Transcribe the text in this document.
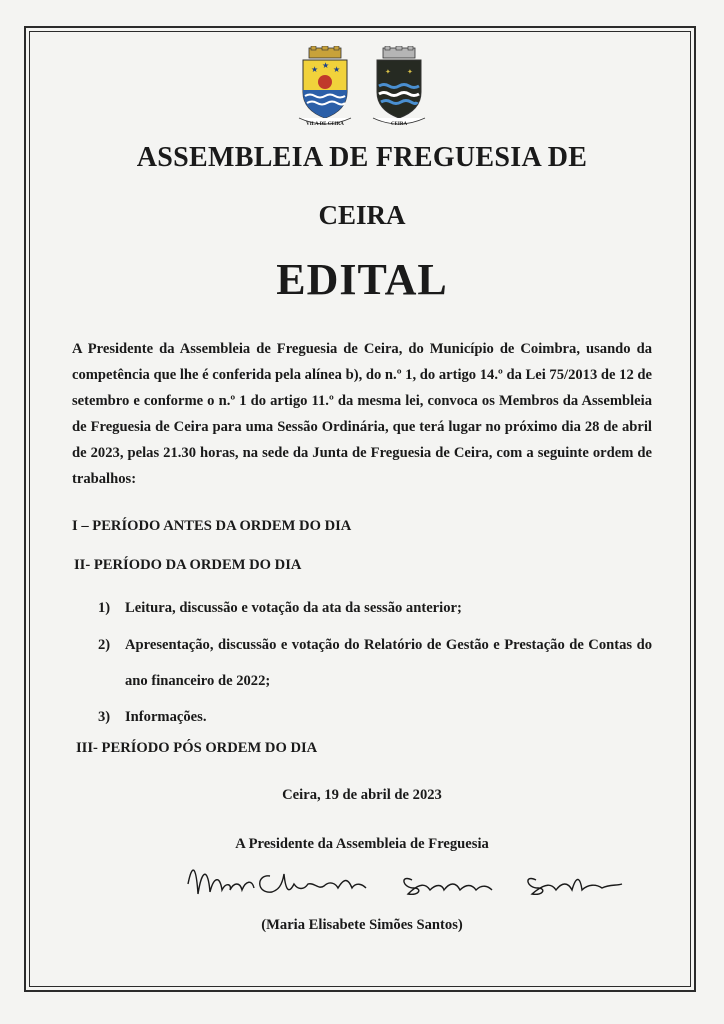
★ ★
★
VILA DE CEIRA
✦ ✦
CEIRA
ASSEMBLEIA DE FREGUESIA DE
CEIRA
EDITAL
A Presidente da Assembleia de Freguesia de Ceira, do Município de Coimbra, usando da competência que lhe é conferida pela alínea b), do n.º 1, do artigo 14.º da Lei 75/2013 de 12 de setembro e conforme o n.º 1 do artigo 11.º da mesma lei, convoca os Membros da Assembleia de Freguesia de Ceira para uma Sessão Ordinária, que terá lugar no próximo dia 28 de abril de 2023, pelas 21.30 horas, na sede da Junta de Freguesia de Ceira, com a seguinte ordem de trabalhos:
I – PERÍODO ANTES DA ORDEM DO DIA
II- PERÍODO DA ORDEM DO DIA
1) Leitura, discussão e votação da ata da sessão anterior;
2) Apresentação, discussão e votação do Relatório de Gestão e Prestação de Contas do ano financeiro de 2022;
3) Informações.
III- PERÍODO PÓS ORDEM DO DIA
Ceira, 19 de abril de 2023
A Presidente da Assembleia de Freguesia
(Maria Elisabete Simões Santos)
